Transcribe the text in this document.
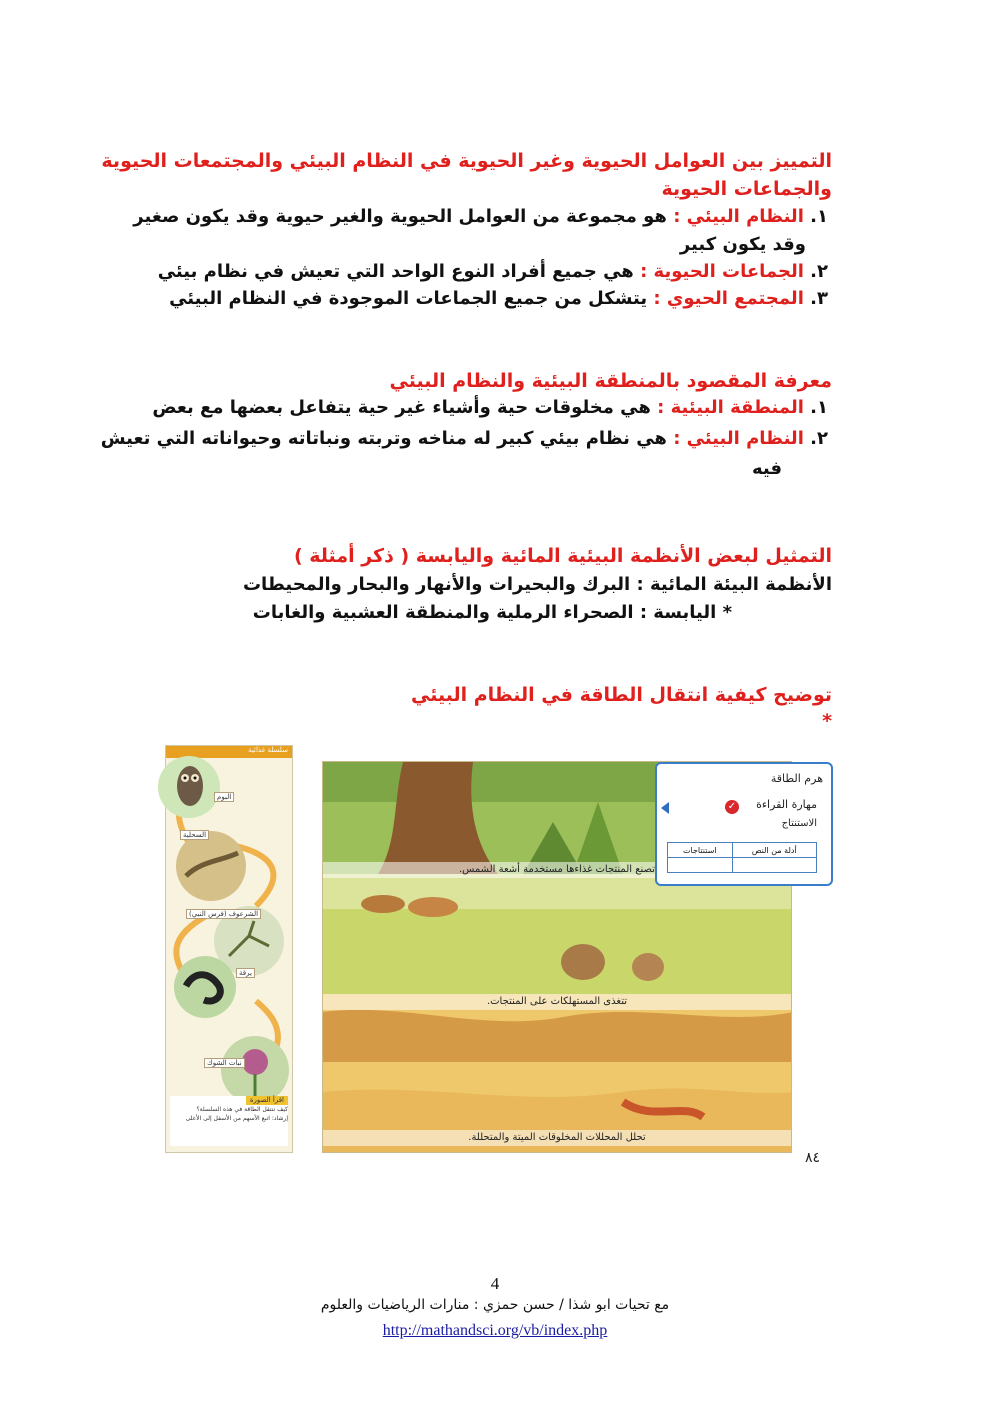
التمييز بين العوامل الحيوية وغير الحيوية في النظام البيئي والمجتمعات الحيوية
والجماعات الحيوية
١. النظام البيئي : هو مجموعة من العوامل الحيوية والغير حيوية وقد يكون صغير
وقد يكون كبير
٢. الجماعات الحيوية : هي جميع أفراد النوع الواحد التي تعيش في نظام بيئي
٣. المجتمع الحيوي : يتشكل من جميع الجماعات الموجودة في النظام البيئي
معرفة المقصود بالمنطقة البيئية والنظام البيئي
١. المنطقة البيئية : هي مخلوقات حية وأشياء غير حية يتفاعل بعضها مع بعض
٢. النظام البيئي : هي نظام بيئي كبير له مناخه وتربته ونباتاته وحيواناته التي تعيش
فيه
التمثيل لبعض الأنظمة البيئية المائية واليابسة ( ذكر أمثلة )
الأنظمة البيئة المائية : البرك والبحيرات والأنهار والبحار والمحيطات
* اليابسة : الصحراء الرملية والمنطقة العشبية والغابات
توضيح كيفية انتقال الطاقة في النظام البيئي
*
سلسلة غذائية
البوم
السحلية
الشرعوف (فرس النبي)
يرقة
نبات الشوك
اقرأ الصورة
كيف تنتقل الطاقة في هذه السلسلة؟
إرشاد: اتبع الأسهم من الأسفل إلى الأعلى
تصنع المنتجات غذاءها مستخدمة أشعة الشمس.
تتغذى المستهلكات على المنتجات.
تحلل المحللات المخلوقات الميتة والمتحللة.
هرم الطاقة
مهارة القراءة
✓
الاستنتاج
أدلة من النص	استنتاجات

٨٤
4
مع تحيات ابو شذا / حسن حمزي : منارات الرياضيات والعلوم
http://mathandsci.org/vb/index.php
